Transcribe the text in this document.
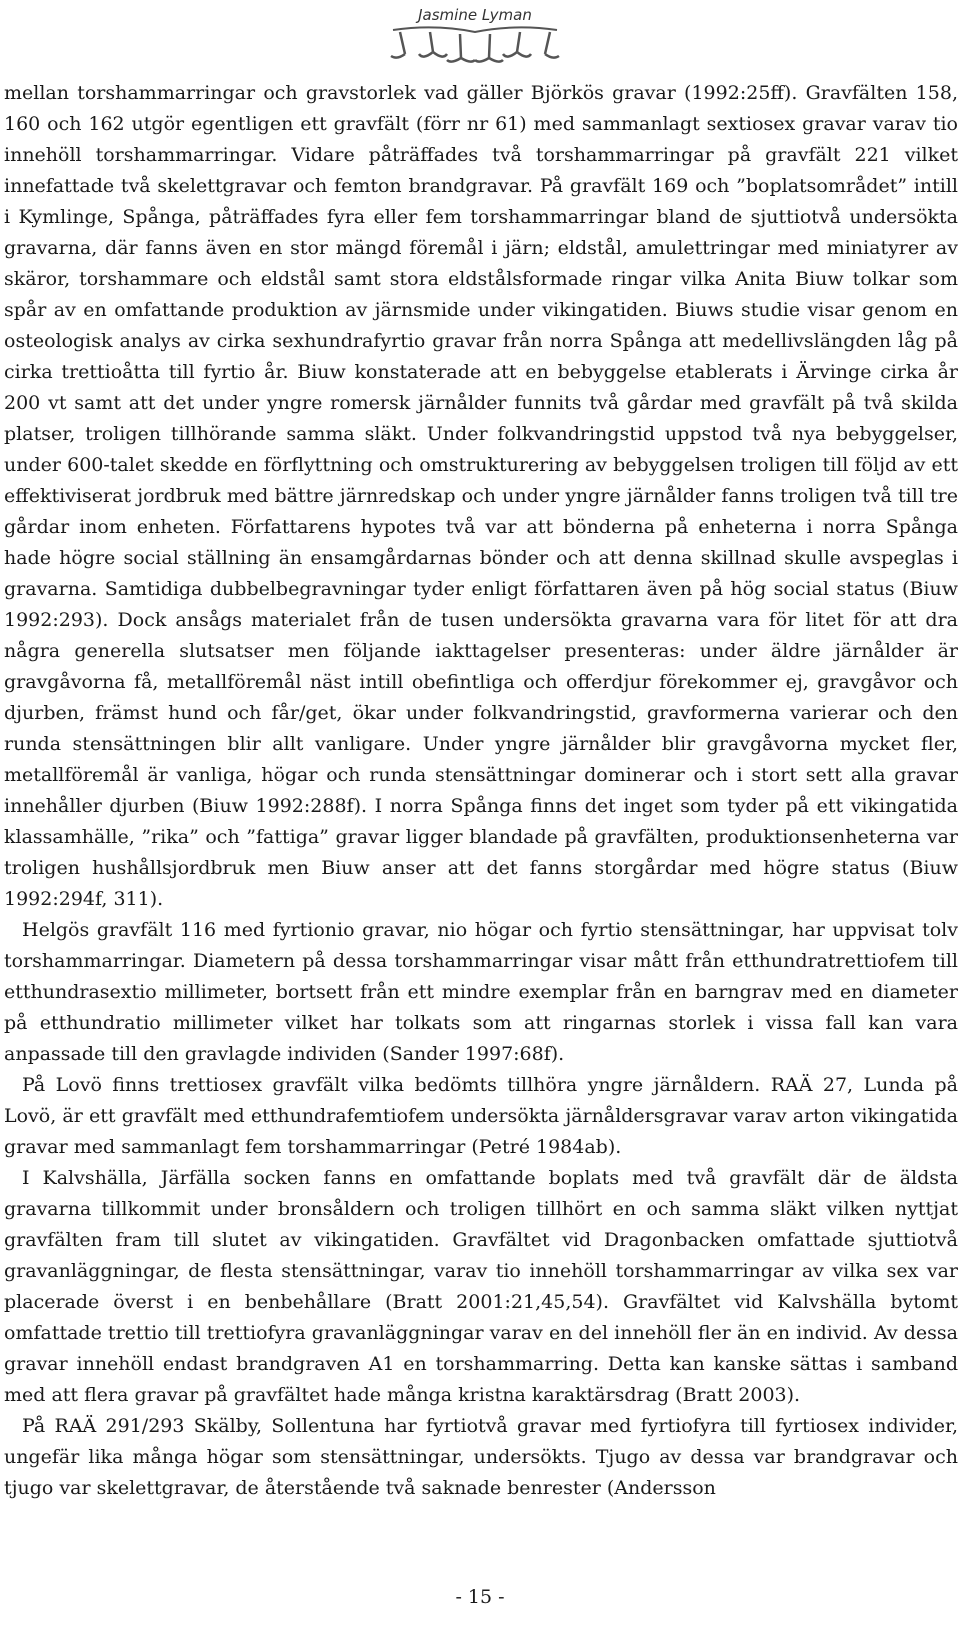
Jasmine Lyman

mellan torshammarringar och gravstorlek vad gäller Björkös gravar (1992:25ff). Gravfälten 158, 160 och 162 utgör egentligen ett gravfält (förr nr 61) med sammanlagt sextiosex gravar varav tio innehöll torshammarringar. Vidare påträffades två torshammarringar på gravfält 221 vilket innefattade två skelettgravar och femton brandgravar. På gravfält 169 och ”boplatsområdet” intill i Kymlinge, Spånga, påträffades fyra eller fem torshammarringar bland de sjuttiotvå undersökta gravarna, där fanns även en stor mängd föremål i järn; eldstål, amulettringar med miniatyrer av skäror, torshammare och eldstål samt stora eldstålsformade ringar vilka Anita Biuw tolkar som spår av en omfattande produktion av järnsmide under vikingatiden. Biuws studie visar genom en osteologisk analys av cirka sexhundrafyrtio gravar från norra Spånga att medellivslängden låg på cirka trettioåtta till fyrtio år. Biuw konstaterade att en bebyggelse etablerats i Ärvinge cirka år 200 vt samt att det under yngre romersk järnålder funnits två gårdar med gravfält på två skilda platser, troligen tillhörande samma släkt. Under folkvandringstid uppstod två nya bebyggelser, under 600-talet skedde en förflyttning och omstrukturering av bebyggelsen troligen till följd av ett effektiviserat jordbruk med bättre järnredskap och under yngre järnålder fanns troligen två till tre gårdar inom enheten. Författarens hypotes två var att bönderna på enheterna i norra Spånga hade högre social ställning än ensamgårdarnas bönder och att denna skillnad skulle avspeglas i gravarna. Samtidiga dubbelbegravningar tyder enligt författaren även på hög social status (Biuw 1992:293). Dock ansågs materialet från de tusen undersökta gravarna vara för litet för att dra några generella slutsatser men följande iakttagelser presenteras: under äldre järnålder är gravgåvorna få, metallföremål näst intill obefintliga och offerdjur förekommer ej, gravgåvor och djurben, främst hund och får/get, ökar under folkvandringstid, gravformerna varierar och den runda stensättningen blir allt vanligare. Under yngre järnålder blir gravgåvorna mycket fler, metallföremål är vanliga, högar och runda stensättningar dominerar och i stort sett alla gravar innehåller djurben (Biuw 1992:288f). I norra Spånga finns det inget som tyder på ett vikingatida klassamhälle, ”rika” och ”fattiga” gravar ligger blandade på gravfälten, produktionsenheterna var troligen hushållsjordbruk men Biuw anser att det fanns storgårdar med högre status (Biuw 1992:294f, 311).

Helgös gravfält 116 med fyrtionio gravar, nio högar och fyrtio stensättningar, har uppvisat tolv torshammarringar. Diametern på dessa torshammarringar visar mått från etthundratrettiofem till etthundrasextio millimeter, bortsett från ett mindre exemplar från en barngrav med en diameter på etthundratio millimeter vilket har tolkats som att ringarnas storlek i vissa fall kan vara anpassade till den gravlagde individen (Sander 1997:68f).

På Lovö finns trettiosex gravfält vilka bedömts tillhöra yngre järnåldern. RAÄ 27, Lunda på Lovö, är ett gravfält med etthundrafemtiofem undersökta järnåldersgravar varav arton vikingatida gravar med sammanlagt fem torshammarringar (Petré 1984ab).

I Kalvshälla, Järfälla socken fanns en omfattande boplats med två gravfält där de äldsta gravarna tillkommit under bronsåldern och troligen tillhört en och samma släkt vilken nyttjat gravfälten fram till slutet av vikingatiden. Gravfältet vid Dragonbacken omfattade sjuttiotvå gravanläggningar, de flesta stensättningar, varav tio innehöll torshammarringar av vilka sex var placerade överst i en benbehållare (Bratt 2001:21,45,54). Gravfältet vid Kalvshälla bytomt omfattade trettio till trettiofyra gravanläggningar varav en del innehöll fler än en individ. Av dessa gravar innehöll endast brandgraven A1 en torshammarring. Detta kan kanske sättas i samband med att flera gravar på gravfältet hade många kristna karaktärsdrag (Bratt 2003).

På RAÄ 291/293 Skälby, Sollentuna har fyrtiotvå gravar med fyrtiofyra till fyrtiosex individer, ungefär lika många högar som stensättningar, undersökts. Tjugo av dessa var brandgravar och tjugo var skelettgravar, de återstående två saknade benrester (Andersson

- 15 -
